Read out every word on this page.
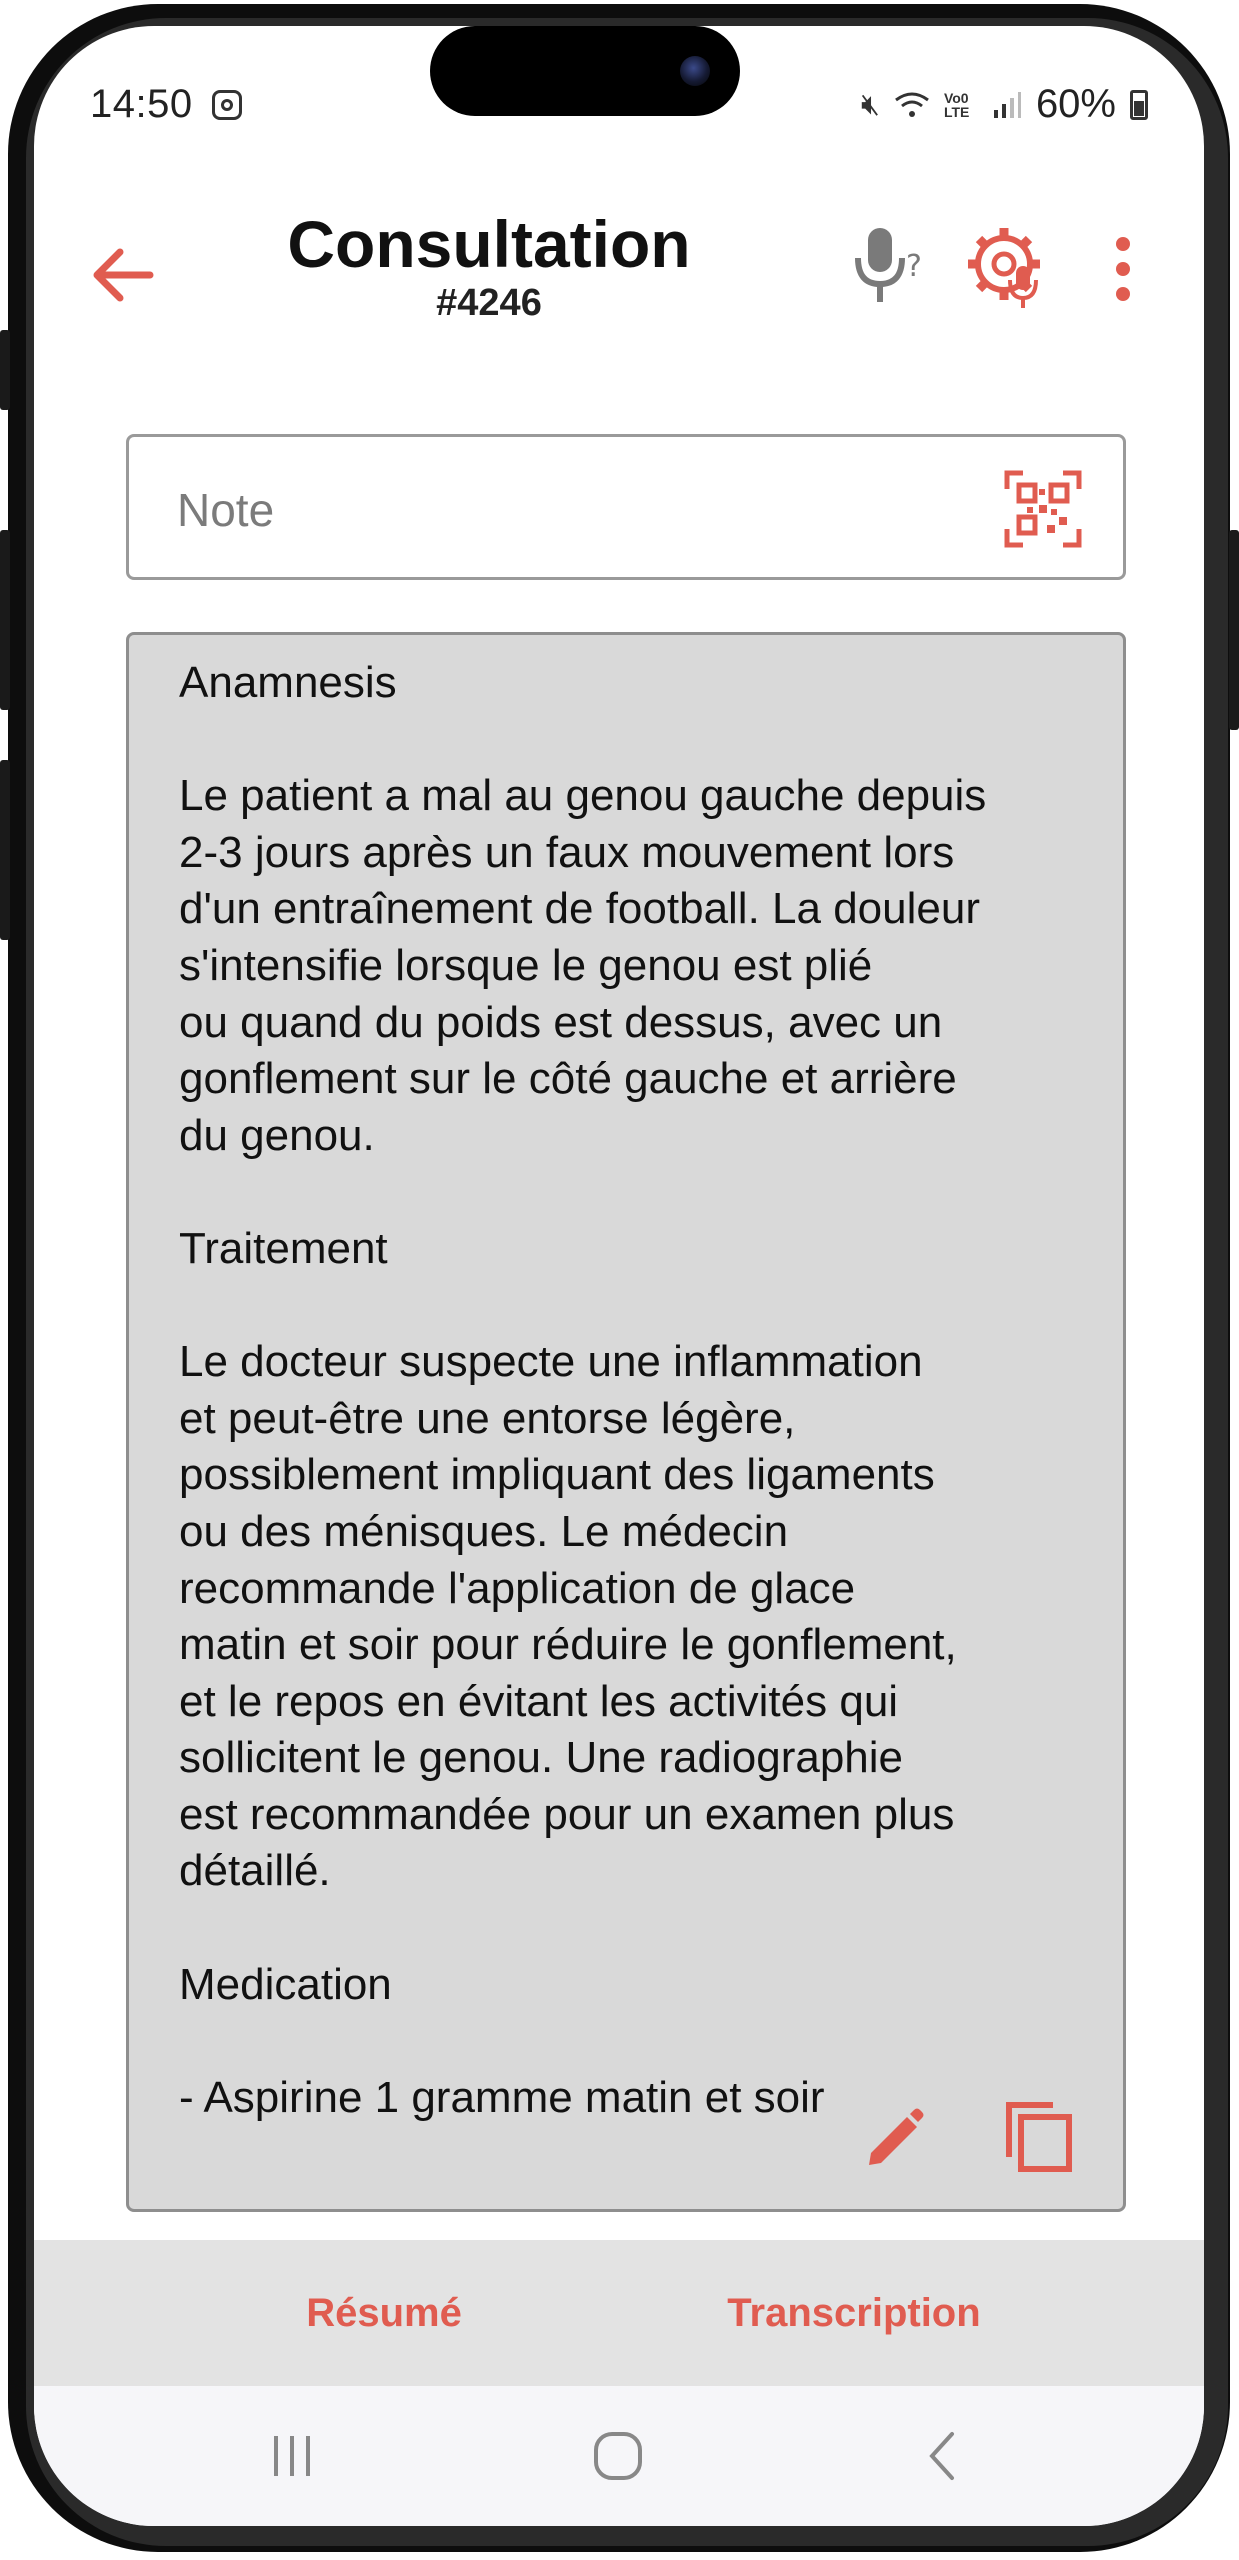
14:50	🔇︎	Vo0 LTE 60%
Consultation
#4246
?
Note
Anamnesis

Le patient a mal au genou gauche depuis
2-3 jours après un faux mouvement lors
d'un entraînement de football. La douleur
s'intensifie lorsque le genou est plié
ou quand du poids est dessus, avec un
gonflement sur le côté gauche et arrière
du genou.

Traitement

Le docteur suspecte une inflammation
et peut-être une entorse légère,
possiblement impliquant des ligaments
ou des ménisques. Le médecin
recommande l'application de glace
matin et soir pour réduire le gonflement,
et le repos en évitant les activités qui
sollicitent le genou. Une radiographie
est recommandée pour un examen plus
détaillé.

Medication

- Aspirine 1 gramme matin et soir
Résumé	Transcription
